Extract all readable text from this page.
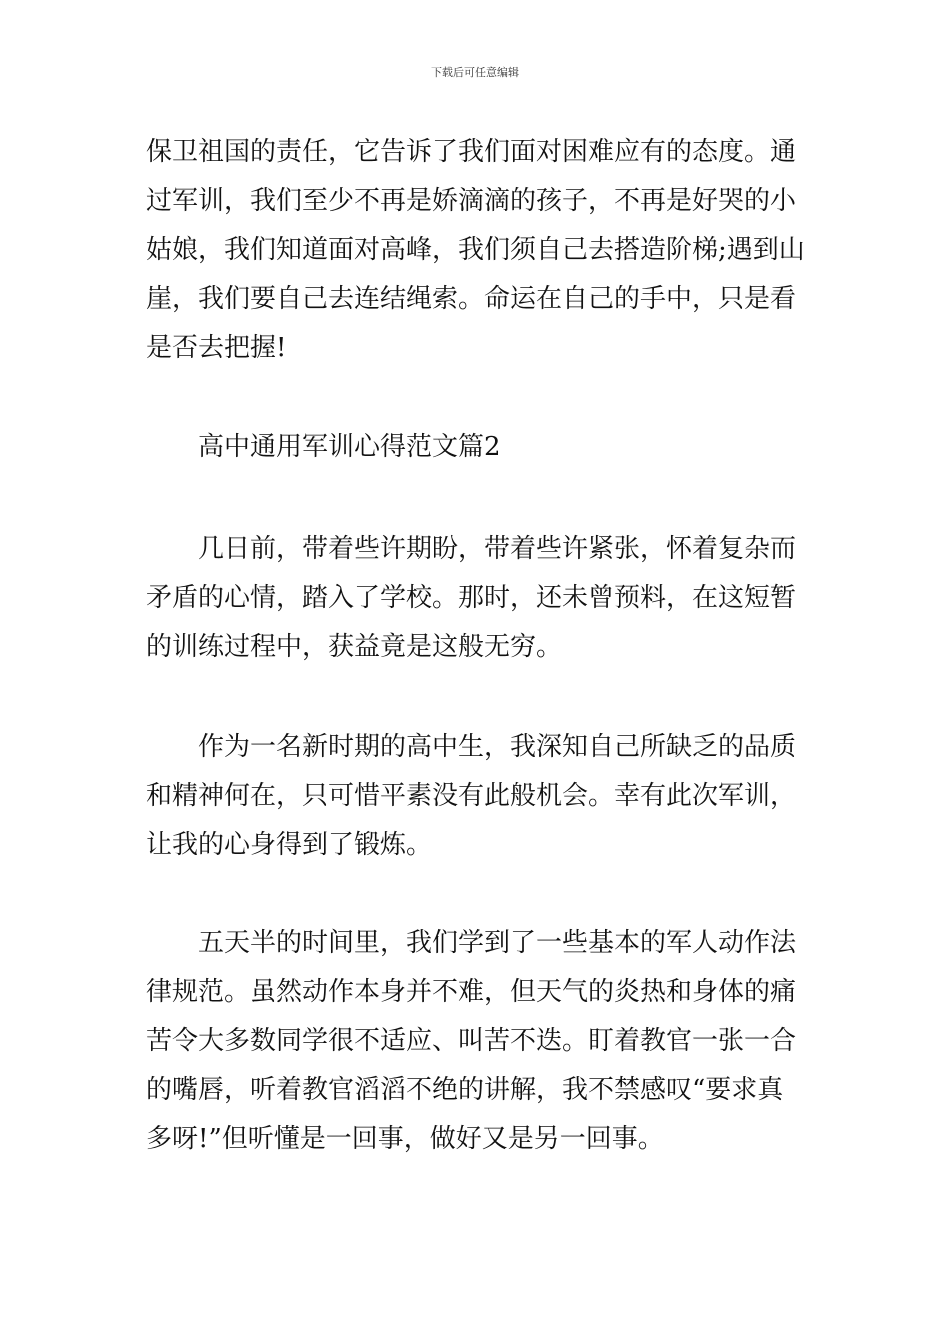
下载后可任意编辑
保卫祖国的责任，它告诉了我们面对困难应有的态度。通
过军训，我们至少不再是娇滴滴的孩子，不再是好哭的小
姑娘，我们知道面对高峰，我们须自己去搭造阶梯;遇到山
崖，我们要自己去连结绳索。命运在自己的手中，只是看
是否去把握!
高中通用军训心得范文篇2
几日前，带着些许期盼，带着些许紧张，怀着复杂而
矛盾的心情，踏入了学校。那时，还未曾预料，在这短暂
的训练过程中，获益竟是这般无穷。
作为一名新时期的高中生，我深知自己所缺乏的品质
和精神何在，只可惜平素没有此般机会。幸有此次军训，
让我的心身得到了锻炼。
五天半的时间里，我们学到了一些基本的军人动作法
律规范。虽然动作本身并不难，但天气的炎热和身体的痛
苦令大多数同学很不适应、叫苦不迭。盯着教官一张一合
的嘴唇，听着教官滔滔不绝的讲解，我不禁感叹“要求真
多呀!”但听懂是一回事，做好又是另一回事。
